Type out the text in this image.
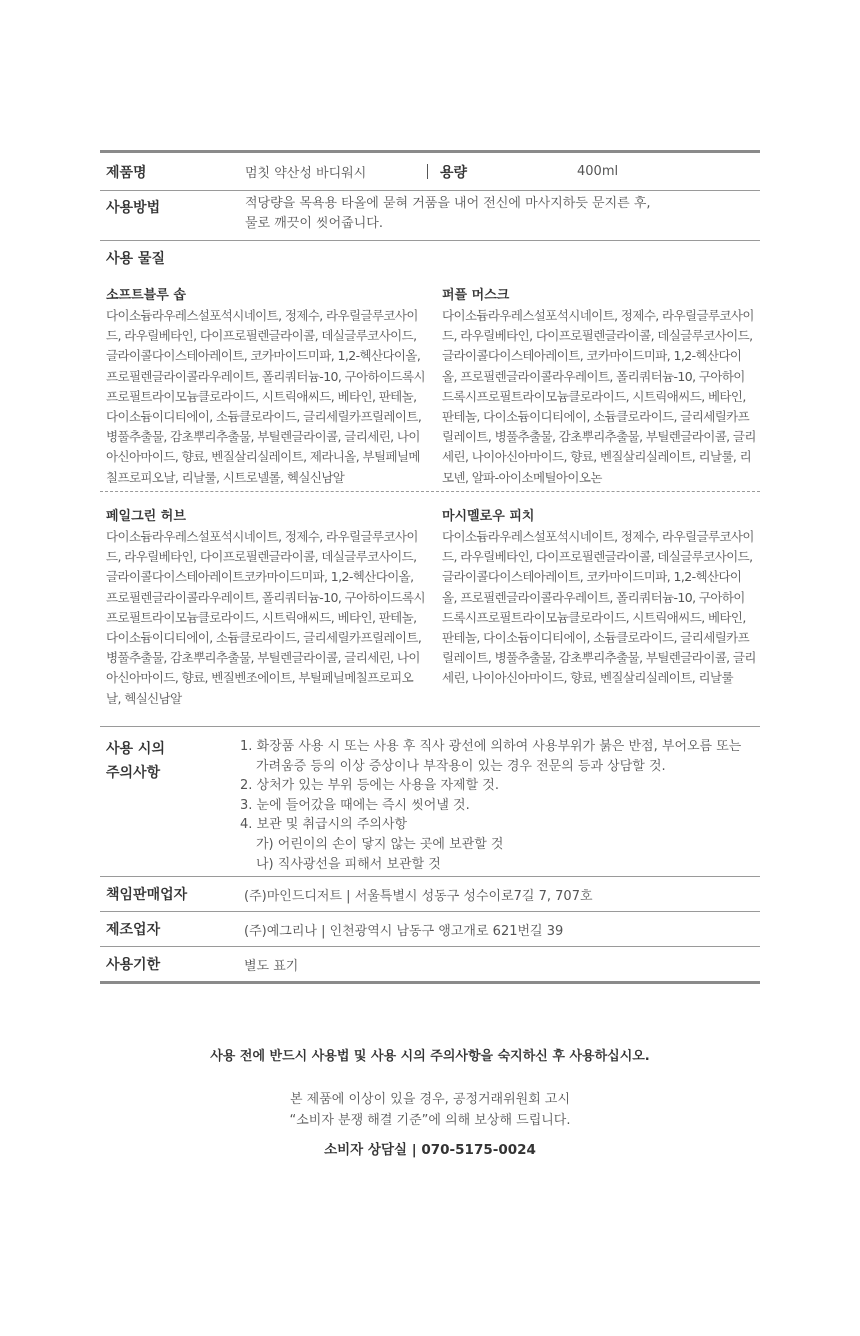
제품명	멈칫 약산성 바디워시	용량	400ml
사용방법	적당량을 목욕용 타올에 묻혀 거품을 내어 전신에 마사지하듯 문지른 후,
물로 깨끗이 씻어줍니다.
사용 물질
소프트블루 솝
다이소듐라우레스설포석시네이트, 정제수, 라우릴글루코사이드, 라우릴베타인, 다이프로필렌글라이콜, 데실글루코사이드, 글라이콜다이스테아레이트, 코카마이드미파, 1,2-헥산다이올, 프로필렌글라이콜라우레이트, 폴리쿼터늄-10, 구아하이드록시프로필트라이모늄클로라이드, 시트릭애씨드, 베타인, 판테놀, 다이소듐이디티에이, 소듐클로라이드, 글리세릴카프릴레이트, 병풀추출물, 감초뿌리추출물, 부틸렌글라이콜, 글리세린, 나이아신아마이드, 향료, 벤질살리실레이트, 제라니올, 부틸페닐메칠프로피오날, 리날룰, 시트로넬롤, 헥실신남알
퍼플 머스크
다이소듐라우레스설포석시네이트, 정제수, 라우릴글루코사이드, 라우릴베타인, 다이프로필렌글라이콜, 데실글루코사이드, 글라이콜다이스테아레이트, 코카마이드미파, 1,2-헥산다이올, 프로필렌글라이콜라우레이트, 폴리쿼터늄-10, 구아하이드록시프로필트라이모늄클로라이드, 시트릭애씨드, 베타인, 판테놀, 다이소듐이디티에이, 소듐클로라이드, 글리세릴카프릴레이트, 병풀추출물, 감초뿌리추출물, 부틸렌글라이콜, 글리세린, 나이아신아마이드, 향료, 벤질살리실레이트, 리날룰, 리모넨, 알파-아이소메틸아이오논
페일그린 허브
다이소듐라우레스설포석시네이트, 정제수, 라우릴글루코사이드, 라우릴베타인, 다이프로필렌글라이콜, 데실글루코사이드, 글라이콜다이스테아레이트코카마이드미파, 1,2-헥산다이올, 프로필렌글라이콜라우레이트, 폴리쿼터늄-10, 구아하이드록시프로필트라이모늄클로라이드, 시트릭애씨드, 베타인, 판테놀, 다이소듐이디티에이, 소듐클로라이드, 글리세릴카프릴레이트, 병풀추출물, 감초뿌리추출물, 부틸렌글라이콜, 글리세린, 나이아신아마이드, 향료, 벤질벤조에이트, 부틸페닐메칠프로피오날, 헥실신남알
마시멜로우 피치
다이소듐라우레스설포석시네이트, 정제수, 라우릴글루코사이드, 라우릴베타인, 다이프로필렌글라이콜, 데실글루코사이드, 글라이콜다이스테아레이트, 코카마이드미파, 1,2-헥산다이올, 프로필렌글라이콜라우레이트, 폴리쿼터늄-10, 구아하이드록시프로필트라이모늄클로라이드, 시트릭애씨드, 베타인, 판테놀, 다이소듐이디티에이, 소듐클로라이드, 글리세릴카프릴레이트, 병풀추출물, 감초뿌리추출물, 부틸렌글라이콜, 글리세린, 나이아신아마이드, 향료, 벤질살리실레이트, 리날룰
사용 시의
주의사항
1. 화장품 사용 시 또는 사용 후 직사 광선에 의하여 사용부위가 붉은 반점, 부어오름 또는
가려움증 등의 이상 증상이나 부작용이 있는 경우 전문의 등과 상담할 것.
2. 상처가 있는 부위 등에는 사용을 자제할 것.
3. 눈에 들어갔을 때에는 즉시 씻어낼 것.
4. 보관 및 취급시의 주의사항
가) 어린이의 손이 닿지 않는 곳에 보관할 것
나) 직사광선을 피해서 보관할 것
책임판매업자	(주)마인드디저트 | 서울특별시 성동구 성수이로7길 7, 707호
제조업자	(주)예그리나 | 인천광역시 남동구 앵고개로 621번길 39
사용기한	별도 표기
사용 전에 반드시 사용법 및 사용 시의 주의사항을 숙지하신 후 사용하십시오.
본 제품에 이상이 있을 경우, 공정거래위원회 고시
“소비자 분쟁 해결 기준”에 의해 보상해 드립니다.
소비자 상담실 | 070-5175-0024
